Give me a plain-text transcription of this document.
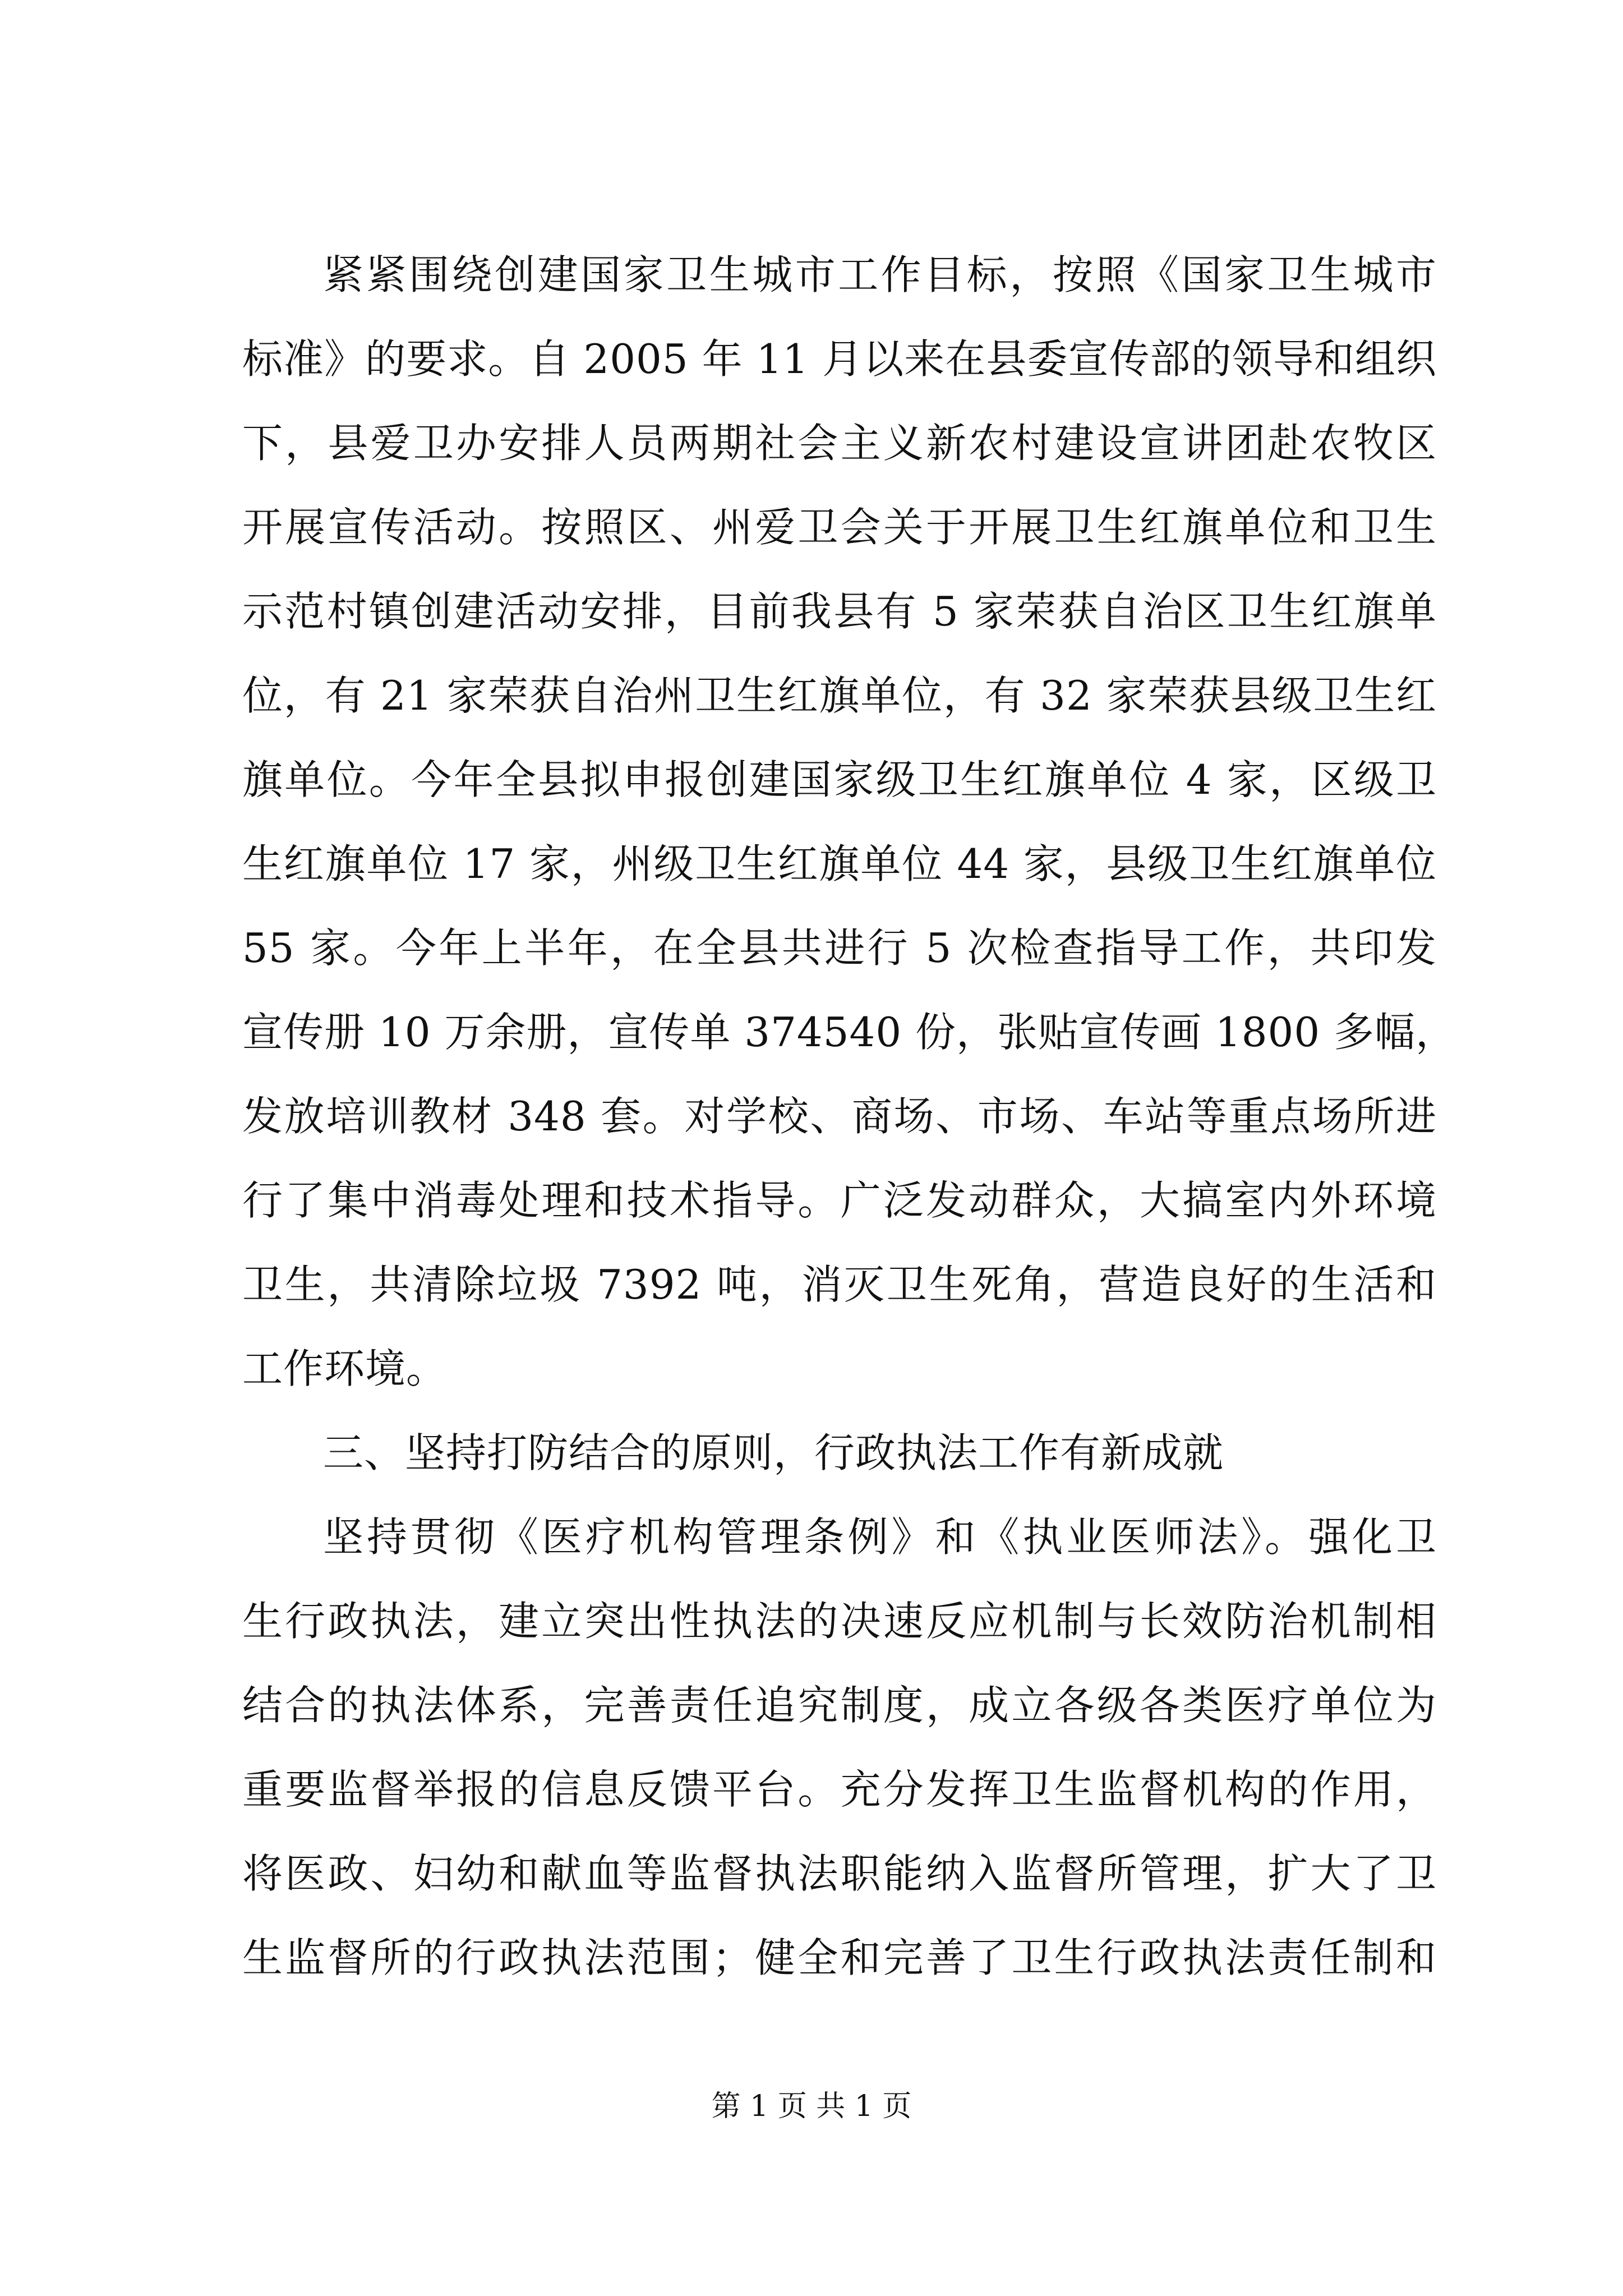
紧紧围绕创建国家卫生城市工作目标，按照《国家卫生城市
标准》的要求。自 2005 年 11 月以来在县委宣传部的领导和组织
下，县爱卫办安排人员两期社会主义新农村建设宣讲团赴农牧区
开展宣传活动。按照区、州爱卫会关于开展卫生红旗单位和卫生
示范村镇创建活动安排，目前我县有 5 家荣获自治区卫生红旗单
位，有 21 家荣获自治州卫生红旗单位，有 32 家荣获县级卫生红
旗单位。今年全县拟申报创建国家级卫生红旗单位 4 家，区级卫
生红旗单位 17 家，州级卫生红旗单位 44 家，县级卫生红旗单位
55 家。今年上半年，在全县共进行 5 次检查指导工作，共印发
宣传册 10 万余册，宣传单 374540 份，张贴宣传画 1800 多幅，
发放培训教材 348 套。对学校、商场、市场、车站等重点场所进
行了集中消毒处理和技术指导。广泛发动群众，大搞室内外环境
卫生，共清除垃圾 7392 吨，消灭卫生死角，营造良好的生活和
工作环境。
三、坚持打防结合的原则，行政执法工作有新成就
坚持贯彻《医疗机构管理条例》和《执业医师法》。强化卫
生行政执法，建立突出性执法的决速反应机制与长效防治机制相
结合的执法体系，完善责任追究制度，成立各级各类医疗单位为
重要监督举报的信息反馈平台。充分发挥卫生监督机构的作用，
将医政、妇幼和献血等监督执法职能纳入监督所管理，扩大了卫
生监督所的行政执法范围；健全和完善了卫生行政执法责任制和
第 1 页 共 1 页
